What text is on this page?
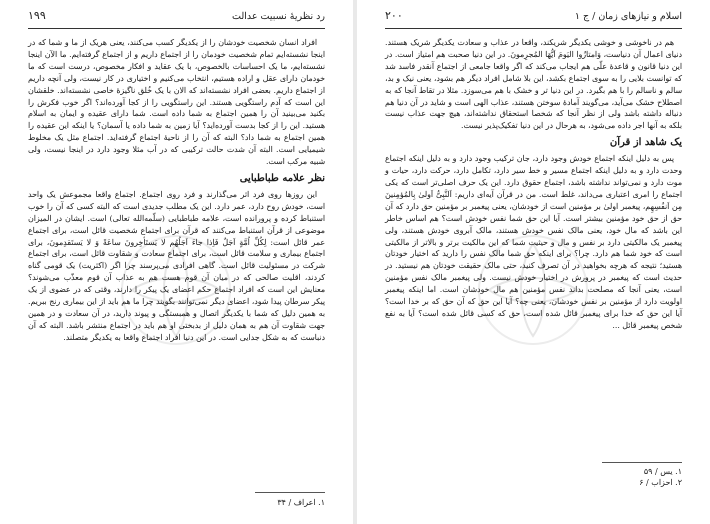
رد نظریهٔ نسبیت عدالت
۱۹۹

افراد انسان شخصیت خودشان را از یکدیگر کسب می‌کنند، یعنی هریک از ما و شما که در اینجا نشسته‌ایم تمام شخصیت خودمان را از اجتماع داریم و از اجتماع گرفته‌ایم. ما الآن اینجا نشسته‌ایم، ما یک احساسات بالخصوص، با یک عقاید و افکار مخصوص، درست است که ما خودمان دارای عقل و اراده هستیم، انتخاب می‌کنیم و اختیاری در کار نیست، ولی آنچه داریم از اجتماع داریم. بعضی افراد نشسته‌اند که الان با یک خُلق ناگیزهٔ خاصی نشسته‌اند. خلقشان این است که آدم راستگویی هستند. این راستگویی را از کجا آورده‌اند؟ اگر خوب فکرش را بکنید می‌بینید آن را همین اجتماع به شما داده است. شما دارای عقیده و ایمان به اسلام هستید. این را از کجا بدست آورده‌اید؟ آیا زمین به شما داده یا آسمان؟ یا اینکه این عقیده را همین اجتماع به شما داد؟ البته که آن را از ناحیهٔ اجتماع گرفته‌اید. اجتماع مثل یک مخلوط شیمیایی است. البته آن شدت حالت ترکیبی که در آب مثلا وجود دارد در اینجا نیست، ولی شبیه مرکب است.

نظر علامه طباطبایی

این روزها روی فرد اثر می‌گذارند و فرد روی اجتماع. اجتماع واقعا مجموعش یک واحد است، خودش روح دارد، عمر دارد. این یک مطلب جدیدی است که البته کسی که آن را خوب استنباط کرده و پرورانده است، علامه طباطبایی (سلّمه‌الله تعالی) است. ایشان در المیزان موضوعی از قرآن استنباط می‌کنند که قرآن برای اجتماع شخصیت قائل است، برای اجتماع عمر قائل است: لِکُلِّ اُمَّةٍ اَجَلٌ فَاِذا جاءَ اَجَلُهُم لا یَستَأخِرونَ ساعَةً وَ لا یَستَقدِمونَ، برای اجتماع بیماری و سلامت قائل است، برای اجتماع سعادت و شقاوت قائل است، برای اجتماع شرکت در مسئولیت قائل است. گاهی افرادی می‌پرسند چرا اگر (اکثریت) یک قومی گناه کردند، اقلیت صالحی که در میان آن قوم هست هم به عذاب آن قوم معذّب می‌شوند؟ معنایش این است که افراد اجتماع حکم اعضای یک پیکر را دارند، وقتی که در عضوی از یک پیکر سرطان پیدا شود، اعضای دیگر نمی‌توانند بگویند چرا ما هم باید از این بیماری رنج ببریم. به همین دلیل که شما با یکدیگر اتصال و همبستگی و پیوند دارید، در آن سعادت و در همین جهت شقاوت آن هم به همان دلیل از بدبختی او هم باید در اجتماع منتشر باشد. البته که آن دنباست که به شکل جدایی است. در این دنیا افراد اجتماع واقعا به یکدیگر متصلند.

۱. اعراف / ۳۴
اسلام و نیازهای زمان / ج ۱
۲۰۰

هم در ناخوشی و خوشی یکدیگر شریکند، واقعا در عذاب و سعادت یکدیگر شریک هستند. دنیای اعمال آن دنیاست، وَامتازُوا الیَومَ اَیُّهَا المُجرِمونَ. در این دنیا صحبت هم امتیاز است. در این دنیا قانون و قاعدهٔ علّی هم ایجاب می‌کند که اگر واقعا جامعی از اجتماع آنقدر فاسد شد که توانست بلایی را به سوی اجتماع بکشد، این بلا شامل افراد دیگر هم بشود، یعنی نیک و بد، سالم و ناسالم را با هم بگیرد. در این دنیا تر و خشک با هم می‌سوزد. مثلا در تقاط آنجا که به اصطلاح خشک می‌آید، می‌گویند آمادهٔ سوختن هستند، عذاب الهی است و شاید در آن دنیا هم دنباله داشته باشد ولی از نظر آنجا که شخصا استحقاق نداشته‌اند، هیچ جهت عذاب نیست بلکه به آنها اجر داده می‌شود، به هرحال در این دنیا تفکیک‌پذیر نیست.

یک شاهد از قرآن

پس به دلیل اینکه اجتماع خودش وجود دارد، جان ترکیب وجود دارد و به دلیل اینکه اجتماع وحدت دارد و به دلیل اینکه اجتماع مسیر و خط سیر دارد، تکامل دارد، حرکت دارد، حیات و موت دارد و نمی‌تواند نداشته باشد، اجتماع حقوق دارد. این یک حرف اصلی‌تر است که یکی اجتماع را امری اعتباری می‌داند، غلط است. من در قرآن آیه‌ای داریم: اَلنَّبِیُّ اَولیٰ بِالمُؤمِنینَ مِن اَنفُسِهِم، پیغمبر اولیٰ بر مؤمنین است از خودشان، یعنی پیغمبر بر مؤمنین حق دارد که آن حق از حق خود مؤمنین بیشتر است. آیا این حق شما نفس خودش است؟ هم اساس خاطر این باشد که مال خود، یعنی مالک نفس خودش هستند، مالک آبروی خودش هستند، ولی پیغمبر یک مالکیتی دارد بر نفس و مال و حیثیت شما که این مالکیت برتر و بالاتر از مالکیتی است که خود شما هم دارد. چرا؟ برای اینکه حق شما مالک نفس را دارید که اختیار خودتان هستید؛ نتیجه که هرچه بخواهید در آن تصرف کنید، حتی مالک حقیقت خودتان هم نیستید. در حدیث است که پیغمبر در پرورش در اختیار خودش نیست. ولی پیغمبر مالک نفس مؤمنین است، یعنی آنجا که مصلحت بداند نفس مؤمنین هم مال خودشان است. اما اینکه پیغمبر اولویت دارد از مؤمنین بر نفس خودشان، یعنی چه؟ آیا این حق که آن حق که بر خدا است؟ آیا این حق که خدا برای پیغمبر قائل شده است، حق که کسی قائل شده است؟ آیا به نفع شخص پیغمبر قائل ...

۱. یس / ۵۹
۲. احزاب / ۶
